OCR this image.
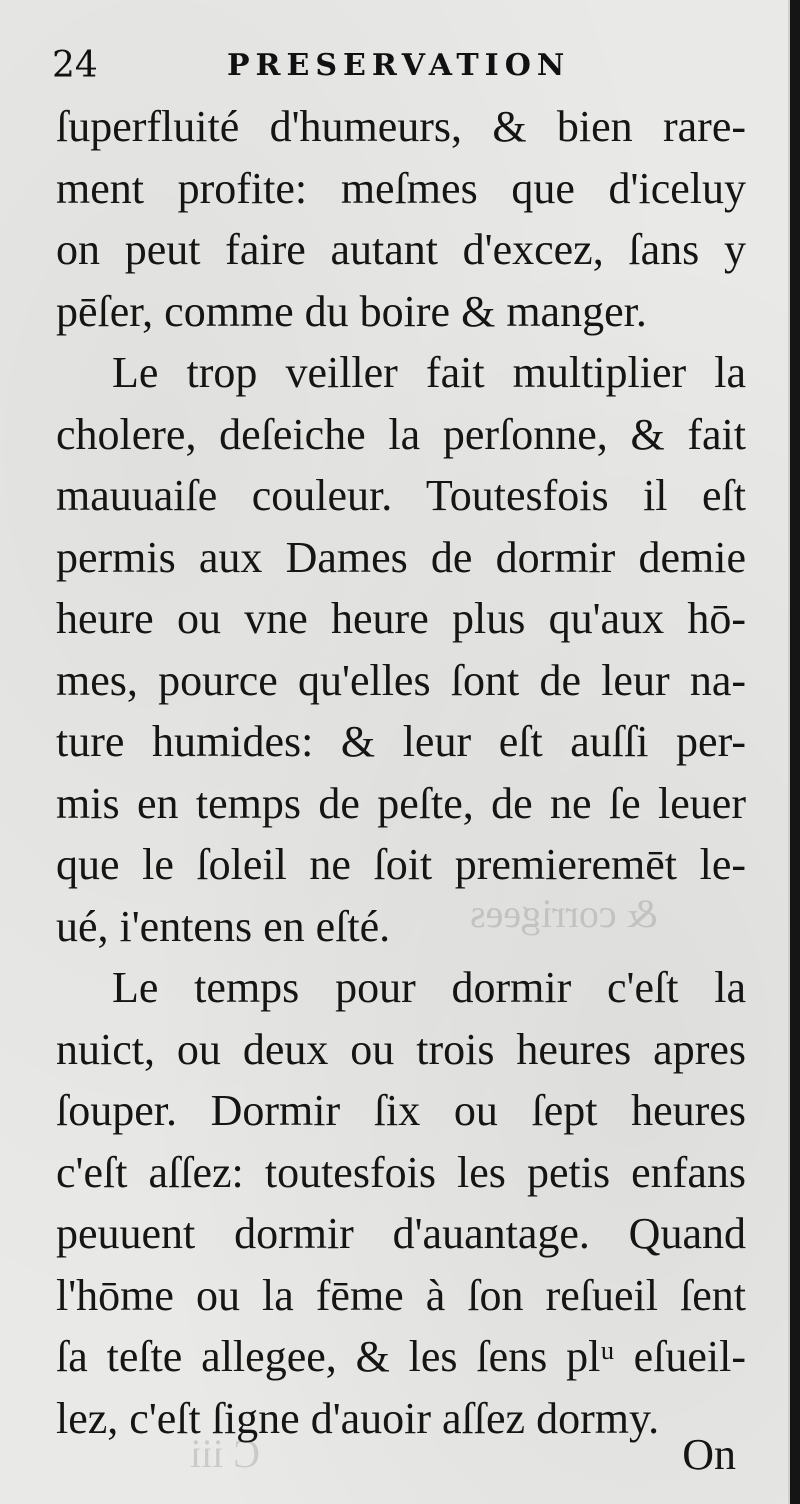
& corrigees
C iii
24	PRESERVATION
ſuperfluité d'humeurs, & bien rare-
ment profite: meſmes que d'iceluy
on peut faire autant d'excez, ſans y
pēſer, comme du boire & manger.
Le trop veiller fait multiplier la
cholere, deſeiche la perſonne, & fait
mauuaiſe couleur. Toutesfois il eſt
permis aux Dames de dormir demie
heure ou vne heure plus qu'aux hō-
mes, pource qu'elles ſont de leur na-
ture humides: & leur eſt auſſi per-
mis en temps de peſte, de ne ſe leuer
que le ſoleil ne ſoit premieremēt le-
ué, i'entens en eſté.
Le temps pour dormir c'eſt la
nuict, ou deux ou trois heures apres
ſouper. Dormir ſix ou ſept heures
c'eſt aſſez: toutesfois les petis enfans
peuuent dormir d'auantage. Quand
l'hōme ou la fēme à ſon reſueil ſent
ſa teſte allegee, & les ſens plᵘ eſueil-
lez, c'eſt ſigne d'auoir aſſez dormy.
On
